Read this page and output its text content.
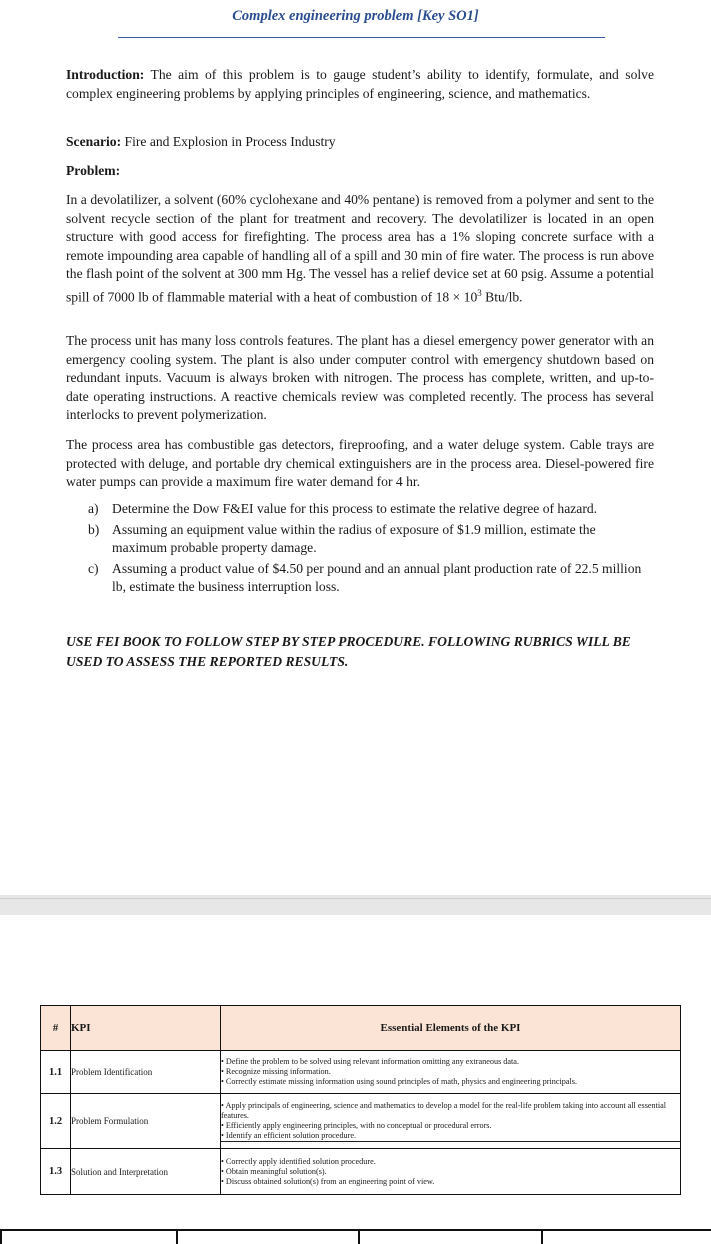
Complex engineering problem [Key SO1]
Introduction: The aim of this problem is to gauge student’s ability to identify, formulate, and solve complex engineering problems by applying principles of engineering, science, and mathematics.
Scenario: Fire and Explosion in Process Industry
Problem:
In a devolatilizer, a solvent (60% cyclohexane and 40% pentane) is removed from a polymer and sent to the solvent recycle section of the plant for treatment and recovery. The devolatilizer is located in an open structure with good access for firefighting. The process area has a 1% sloping concrete surface with a remote impounding area capable of handling all of a spill and 30 min of fire water. The process is run above the flash point of the solvent at 300 mm Hg. The vessel has a relief device set at 60 psig. Assume a potential spill of 7000 lb of flammable material with a heat of combustion of $18 \times 10^3$ Btu/lb.
The process unit has many loss controls features. The plant has a diesel emergency power generator with an emergency cooling system. The plant is also under computer control with emergency shutdown based on redundant inputs. Vacuum is always broken with nitrogen. The process has complete, written, and up-to-date operating instructions. A reactive chemicals review was completed recently. The process has several interlocks to prevent polymerization.
The process area has combustible gas detectors, fireproofing, and a water deluge system. Cable trays are protected with deluge, and portable dry chemical extinguishers are in the process area. Diesel-powered fire water pumps can provide a maximum fire water demand for 4 hr.
a) Determine the Dow F&EI value for this process to estimate the relative degree of hazard.
b) Assuming an equipment value within the radius of exposure of $1.9 million, estimate the maximum probable property damage.
c) Assuming a product value of $4.50 per pound and an annual plant production rate of 22.5 million lb, estimate the business interruption loss.
USE FEI BOOK TO FOLLOW STEP BY STEP PROCEDURE. FOLLOWING RUBRICS WILL BE USED TO ASSESS THE REPORTED RESULTS.
#	KPI	Essential Elements of the KPI
1.1	Problem Identification	• Define the problem to be solved using relevant information omitting any extraneous data.
• Recognize missing information.
• Correctly estimate missing information using sound principles of math, physics and engineering principals.

1.2	Problem Formulation	• Apply principals of engineering, science and mathematics to develop a model for the real-life problem taking into account all essential features.
• Efficiently apply engineering principles, with no conceptual or procedural errors.
• Identify an efficient solution procedure.

1.3	Solution and Interpretation	• Correctly apply identified solution procedure.
• Obtain meaningful solution(s).
• Discuss obtained solution(s) from an engineering point of view.
